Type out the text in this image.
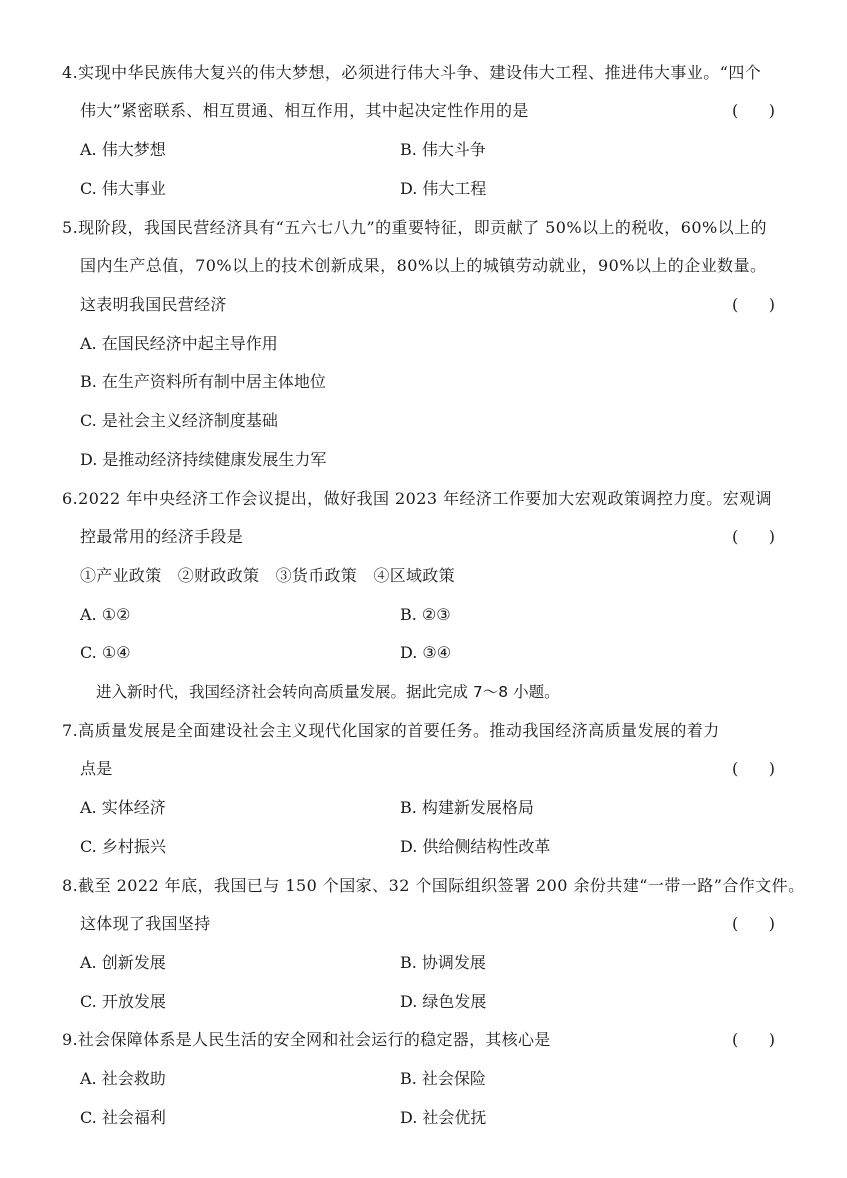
4.实现中华民族伟大复兴的伟大梦想，必须进行伟大斗争、建设伟大工程、推进伟大事业。“四个
伟大”紧密联系、相互贯通、相互作用，其中起决定性作用的是	(      )
A. 伟大梦想	B. 伟大斗争
C. 伟大事业	D. 伟大工程
5.现阶段，我国民营经济具有“五六七八九”的重要特征，即贡献了 50%以上的税收，60%以上的
国内生产总值，70%以上的技术创新成果，80%以上的城镇劳动就业，90%以上的企业数量。
这表明我国民营经济	(      )
A. 在国民经济中起主导作用
B. 在生产资料所有制中居主体地位
C. 是社会主义经济制度基础
D. 是推动经济持续健康发展生力军
6.2022 年中央经济工作会议提出，做好我国 2023 年经济工作要加大宏观政策调控力度。宏观调
控最常用的经济手段是	(      )
①产业政策　②财政政策　③货币政策　④区域政策
A. ①②	B. ②③
C. ①④	D. ③④
进入新时代，我国经济社会转向高质量发展。据此完成 7～8 小题。
7.高质量发展是全面建设社会主义现代化国家的首要任务。推动我国经济高质量发展的着力
点是	(      )
A. 实体经济	B. 构建新发展格局
C. 乡村振兴	D. 供给侧结构性改革
8.截至 2022 年底，我国已与 150 个国家、32 个国际组织签署 200 余份共建“一带一路”合作文件。
这体现了我国坚持	(      )
A. 创新发展	B. 协调发展
C. 开放发展	D. 绿色发展
9.社会保障体系是人民生活的安全网和社会运行的稳定器，其核心是	(      )
A. 社会救助	B. 社会保险
C. 社会福利	D. 社会优抚
